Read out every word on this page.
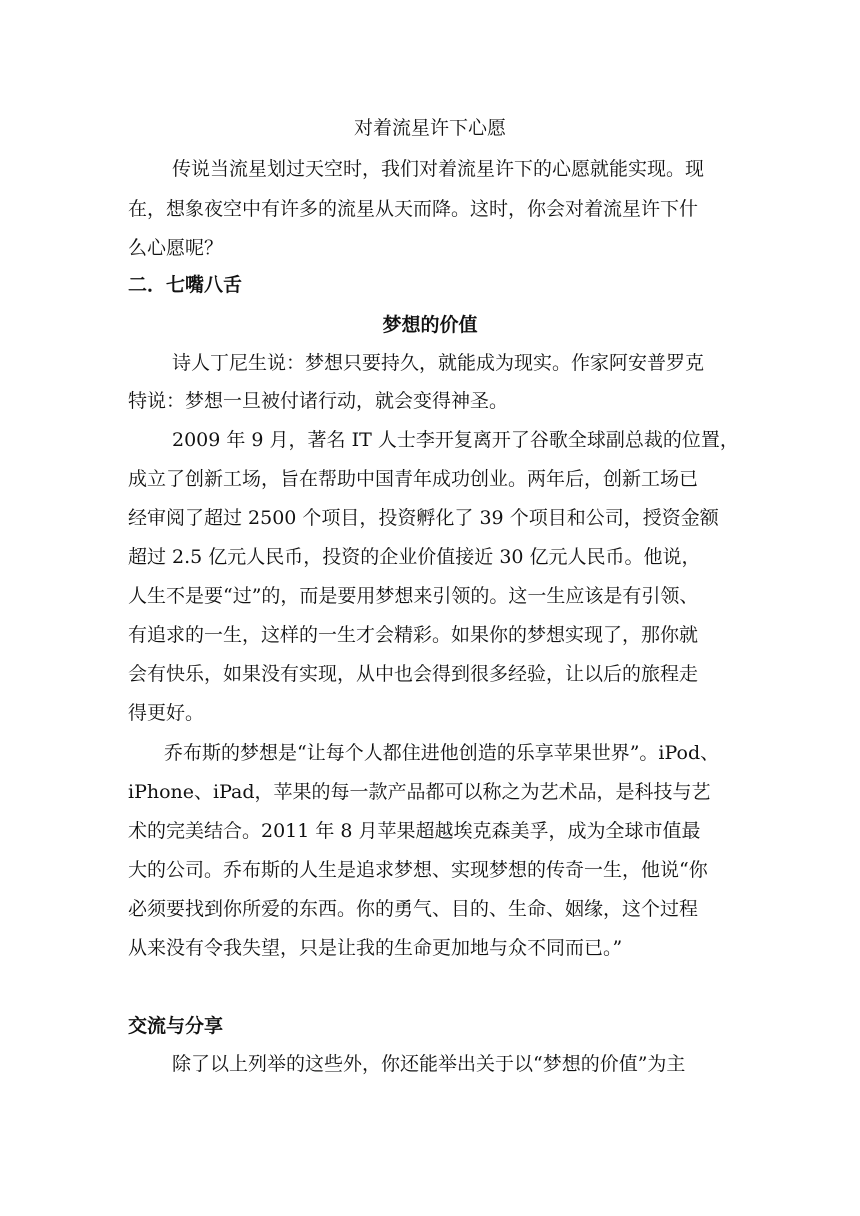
对着流星许下心愿
传说当流星划过天空时，我们对着流星许下的心愿就能实现。现
在，想象夜空中有许多的流星从天而降。这时，你会对着流星许下什
么心愿呢？
二．七嘴八舌
梦想的价值
诗人丁尼生说：梦想只要持久，就能成为现实。作家阿安普罗克
特说：梦想一旦被付诸行动，就会变得神圣。
2009 年 9 月，著名 IT 人士李开复离开了谷歌全球副总裁的位置，
成立了创新工场，旨在帮助中国青年成功创业。两年后，创新工场已
经审阅了超过 2500 个项目，投资孵化了 39 个项目和公司，授资金额
超过 2.5 亿元人民币，投资的企业价值接近 30 亿元人民币。他说，
人生不是要“过”的，而是要用梦想来引领的。这一生应该是有引领、
有追求的一生，这样的一生才会精彩。如果你的梦想实现了，那你就
会有快乐，如果没有实现，从中也会得到很多经验，让以后的旅程走
得更好。
乔布斯的梦想是“让每个人都住进他创造的乐享苹果世界”。iPod、
iPhone、iPad，苹果的每一款产品都可以称之为艺术品，是科技与艺
术的完美结合。2011 年 8 月苹果超越埃克森美孚，成为全球市值最
大的公司。乔布斯的人生是追求梦想、实现梦想的传奇一生，他说“你
必须要找到你所爱的东西。你的勇气、目的、生命、姻缘，这个过程
从来没有令我失望，只是让我的生命更加地与众不同而已。”
交流与分享
除了以上列举的这些外，你还能举出关于以“梦想的价值”为主
